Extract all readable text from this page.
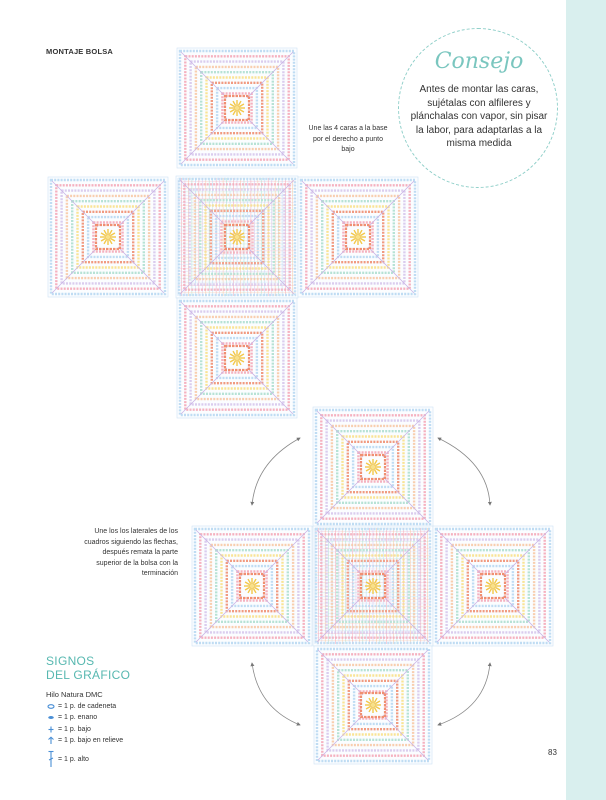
MONTAJE BOLSA	Consejo
Antes de montar las caras, sujétalas con alfileres y plánchalas con vapor, sin pisar la labor, para adaptarlas a la misma medida
Une las 4 caras a la base por el derecho a punto bajo
Une los los laterales de los cuadros siguiendo las flechas, después remata la parte superior de la bolsa con la terminación
SIGNOS
DEL GRÁFICO
Hilo Natura DMC
= 1 p. de cadeneta
= 1 p. enano
= 1 p. bajo
= 1 p. bajo en relieve
= 1 p. alto
83
